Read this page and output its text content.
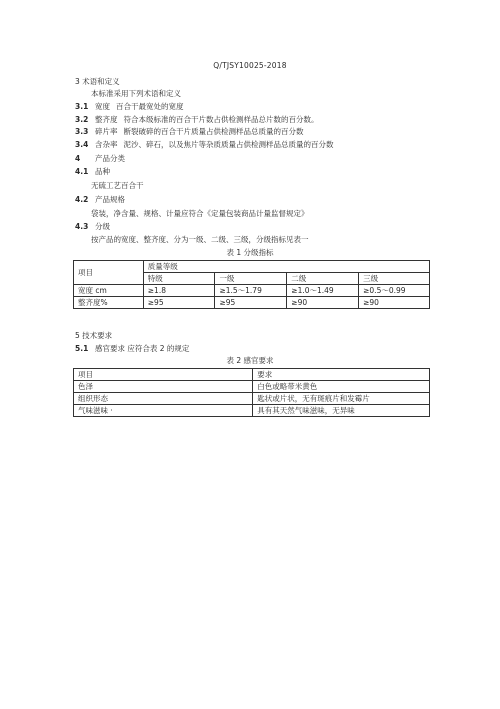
Q/TJSY10025-2018
3 术语和定义
本标准采用下列术语和定义
3.1 宽度 百合干最宽处的宽度
3.2 整齐度 符合本级标准的百合干片数占供检测样品总片数的百分数。
3.3 碎片率 断裂破碎的百合干片质量占供检测样品总质量的百分数
3.4 含杂率 泥沙、碎石，以及焦片等杂质质量占供检测样品总质量的百分数
4 产品分类
4.1 品种
无硫工艺百合干
4.2 产品规格
袋装，净含量、规格、计量应符合《定量包装商品计量监督规定》
4.3 分级
按产品的宽度、整齐度、分为一级、二级、三级，分级指标见表一
表 1 分级指标
项目	质量等级			
	特级	一级	二级	三级
宽度 cm	≥1.8	≥1.5～1.79	≥1.0～1.49	≥0.5～0.99
整齐度%	≥95	≥95	≥90	≥90
5 技术要求
5.1 感官要求 应符合表 2 的规定
表 2 感官要求
项目	要求
色泽	白色或略带米黄色
组织形态	匙状或片状，无有斑痕片和发霉片
气味滋味 ·	具有其天然气味滋味，无异味
